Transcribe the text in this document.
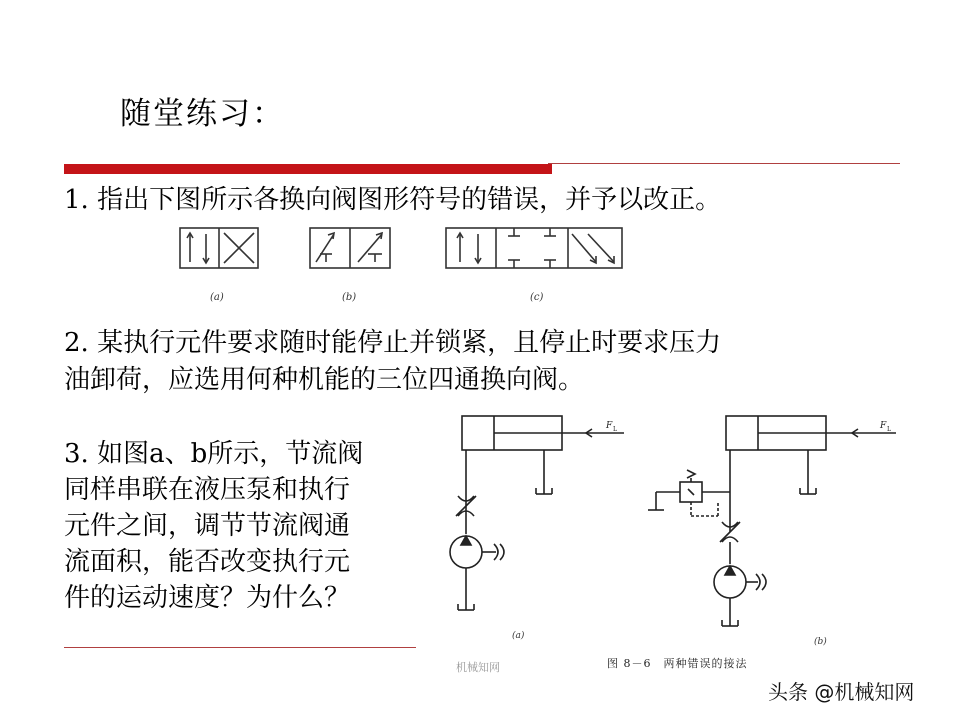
随堂练习：
1. 指出下图所示各换向阀图形符号的错误，并予以改正。
(a)	(b)	(c)
2. 某执行元件要求随时能停止并锁紧，且停止时要求压力
油卸荷，应选用何种机能的三位四通换向阀。
3. 如图a、b所示，节流阀
同样串联在液压泵和执行
元件之间，调节节流阀通
流面积，能否改变执行元
件的运动速度？为什么？
F L
(a)
F L
(b)
机械知网	图 8－6　两种错误的接法
头条 @机械知网
